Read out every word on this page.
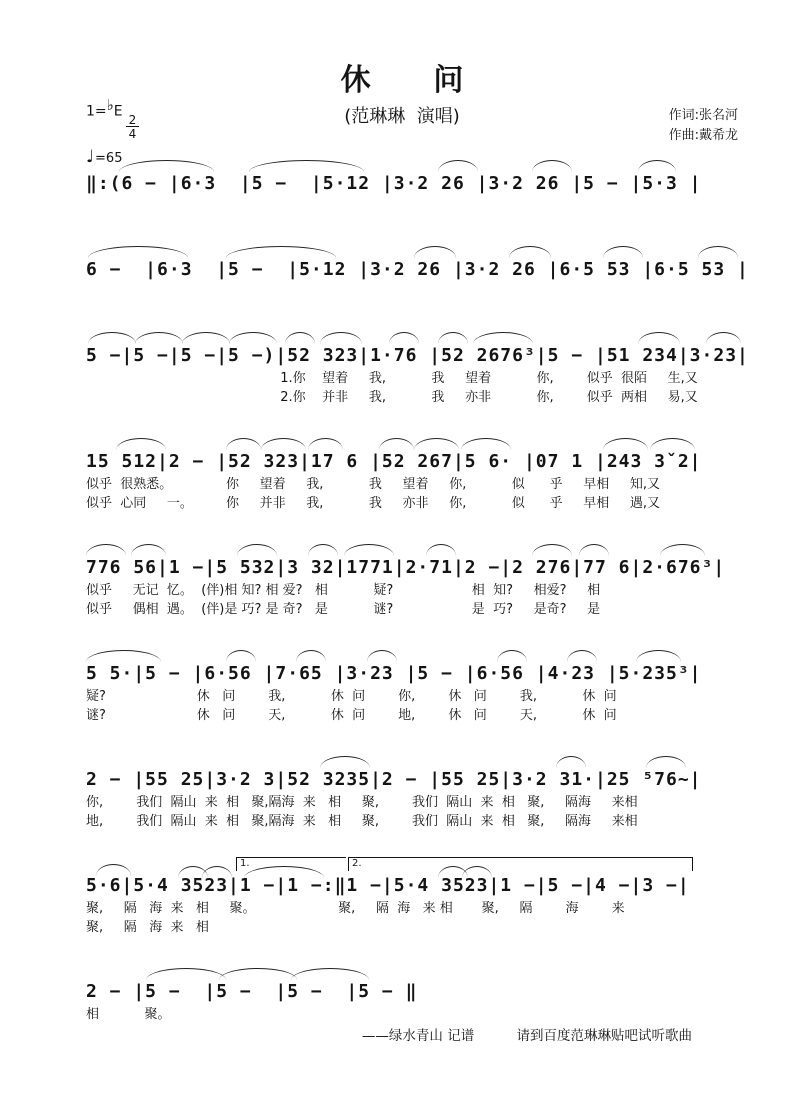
休      问
(范琳琳  演唱)	作词:张名河
作曲:戴希龙
1=♭E
$\frac{2}{4}$
♩=65
‖:(6 − |6·3  |5 −  |5·12 |3·2 26 |3·2 26 |5 − |5·3 |
6 −  |6·3  |5 −  |5·12 |3·2 26 |3·2 26 |6·5 53 |6·5 53 |
5 −|5 −|5 −|5 −)|52 323|1·76 |52 2676³|5 − |51 234|3·23|
1.你    望着     我,           我     望着           你,        似乎  很陌     生,又
2.你    并非     我,           我     亦非           你,        似乎  两相     易,又
15 512|2 − |52 323|17 6 |52 267|5 6· |07 1 |243 3ˇ2|
似乎  很熟悉。             你     望着     我,           我     望着     你,           似      乎     早相     知,又
似乎  心同     一。        你     并非     我,           我     亦非     你,           似      乎     早相     遇,又
776 56|1 −|5 532|3 32|1771|2·71|2 −|2 276|77 6|2·676³|
似乎     无记  忆。  (伴)相 知? 相 爱?   相           疑?                   相  知?     相爱?     相
似乎     偶相  遇。  (伴)是 巧? 是 奇?   是           谜?                   是  巧?     是奇?     是
5 5·|5 − |6·56 |7·65 |3·23 |5 − |6·56 |4·23 |5·235³|
疑?                      休   问        我,           休  问        你,        休   问        我,           休  问
谜?                      休   问        天,           休  问        地,        休   问        天,           休  问
2 − |55 25|3·2 3|52 3235|2 − |55 25|3·2 31·|25 ⁵76~|
你,        我们  隔山  来  相   聚,隔海  来   相     聚,        我们  隔山  来  相   聚,     隔海     来相
地,        我们  隔山  来  相   聚,隔海  来   相     聚,        我们  隔山  来  相   聚,     隔海     来相
1.	2.
5·6|5·4 3523|1 −|1 −:‖1 −|5·4 3523|1 −|5 −|4 −|3 −|
聚,     隔   海  来   相     聚。                    聚,     隔  海   来 相       聚,     隔        海        来
聚,     隔   海  来   相
2 − |5 −  |5 −  |5 −  |5 − ‖
相           聚。
——绿水青山 记谱	请到百度范琳琳贴吧试听歌曲
